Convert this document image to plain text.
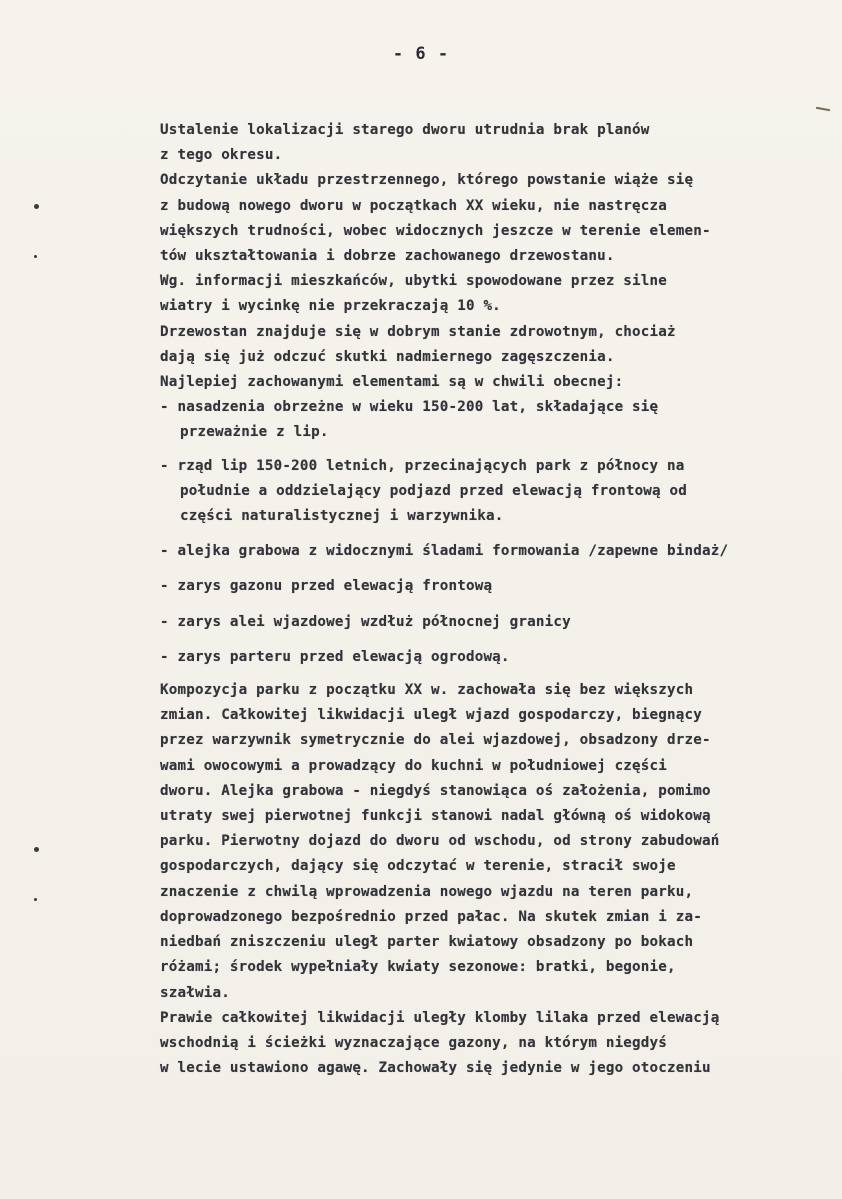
- 6 -
Ustalenie lokalizacji starego dworu utrudnia brak planów
z tego okresu.
Odczytanie układu przestrzennego, którego powstanie wiąże się
z budową nowego dworu w początkach XX wieku, nie nastręcza
większych trudności, wobec widocznych jeszcze w terenie elemen-
tów ukształtowania i dobrze zachowanego drzewostanu.
Wg. informacji mieszkańców, ubytki spowodowane przez silne
wiatry i wycinkę nie przekraczają 10 %.
Drzewostan znajduje się w dobrym stanie zdrowotnym, chociaż
dają się już odczuć skutki nadmiernego zagęszczenia.
Najlepiej zachowanymi elementami są w chwili obecnej:
- nasadzenia obrzeżne w wieku 150-200 lat, składające się
przeważnie z lip.
- rząd lip 150-200 letnich, przecinających park z północy na
południe a oddzielający podjazd przed elewacją frontową od
części naturalistycznej i warzywnika.
- alejka grabowa z widocznymi śladami formowania /zapewne bindaż/
- zarys gazonu przed elewacją frontową
- zarys alei wjazdowej wzdłuż północnej granicy
- zarys parteru przed elewacją ogrodową.
Kompozycja parku z początku XX w. zachowała się bez większych
zmian. Całkowitej likwidacji uległ wjazd gospodarczy, biegnący
przez warzywnik symetrycznie do alei wjazdowej, obsadzony drze-
wami owocowymi a prowadzący do kuchni w południowej części
dworu. Alejka grabowa - niegdyś stanowiąca oś założenia, pomimo
utraty swej pierwotnej funkcji stanowi nadal główną oś widokową
parku. Pierwotny dojazd do dworu od wschodu, od strony zabudowań
gospodarczych, dający się odczytać w terenie, stracił swoje
znaczenie z chwilą wprowadzenia nowego wjazdu na teren parku,
doprowadzonego bezpośrednio przed pałac. Na skutek zmian i za-
niedbań zniszczeniu uległ parter kwiatowy obsadzony po bokach
różami; środek wypełniały kwiaty sezonowe: bratki, begonie,
szałwia.
Prawie całkowitej likwidacji uległy klomby lilaka przed elewacją
wschodnią i ścieżki wyznaczające gazony, na którym niegdyś
w lecie ustawiono agawę. Zachowały się jedynie w jego otoczeniu
